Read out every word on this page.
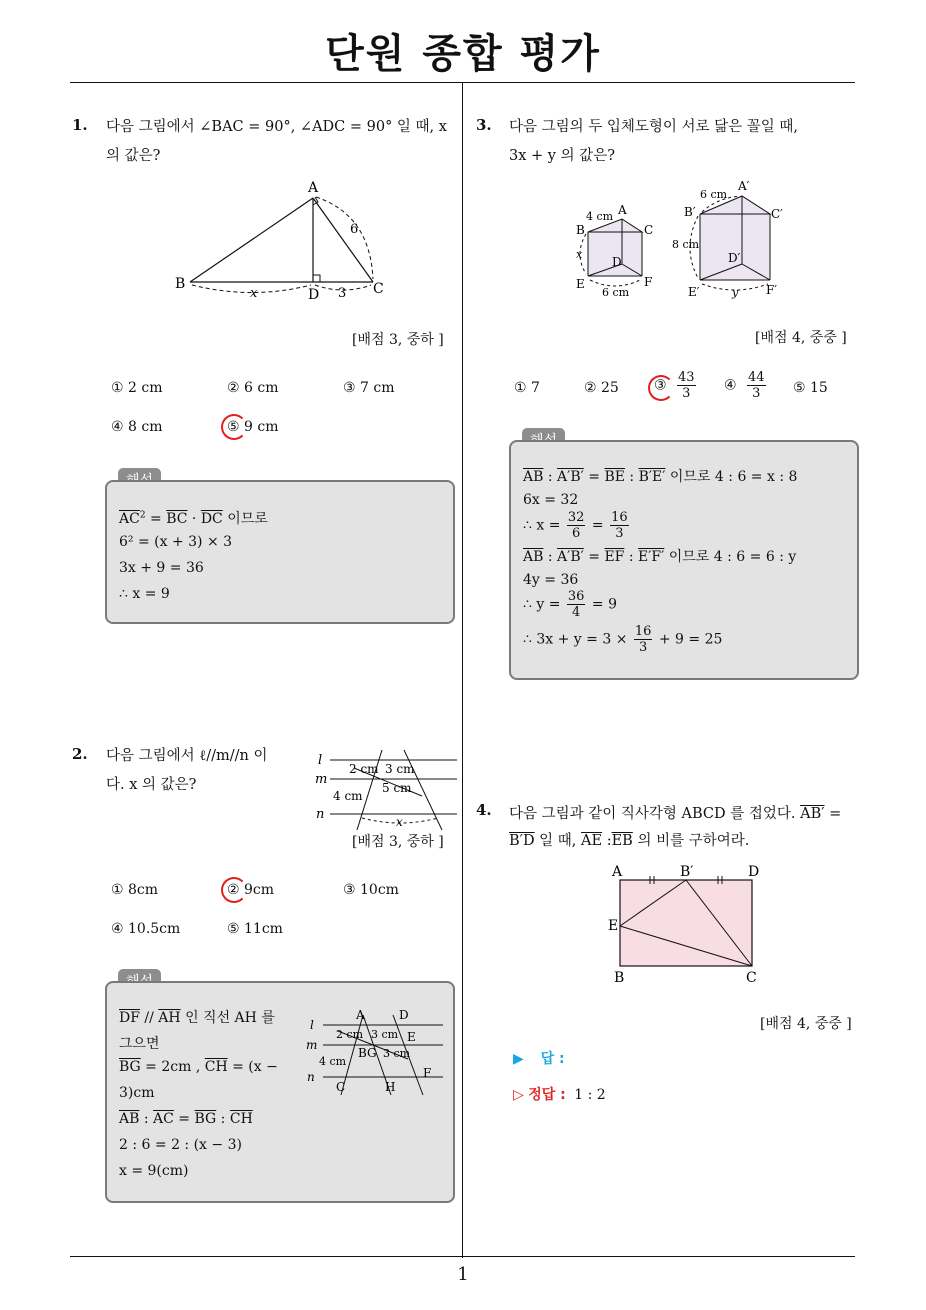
단원 종합 평가
1
1. 다음 그림에서 ∠BAC = 90°, ∠ADC = 90° 일 때, x
의 값은?
A
B	C
D
6
x	3
[배점 3, 중하 ]
① 2 cm	② 6 cm	③ 7 cm
④ 8 cm	⑤ 9 cm
$\overline{AC}^2 = \overline{BC} \cdot \overline{DC}$ 이므로
6² = (x + 3) × 3
3x + 9 = 36
∴ x = 9
2. 다음 그림에서 ℓ//m//n 이
다. x 의 값은?
l
m
n
2 cm 3 cm
5 cm
4 cm
x
[배점 3, 중하 ]
① 8cm	② 9cm	③ 10cm
④ 10.5cm	⑤ 11cm
$\overline{DF} // \overline{AH}$ 인 직선 AH 를
그으면
$\overline{BG} = 2cm$ , $\overline{CH} = (x$ −
3)cm
$\overline{AB}$ : $\overline{AC} = \overline{BG}$ : $\overline{CH}$
2 : 6 = 2 : (x − 3)
x = 9(cm)
l
m
n
A	D
E
BG
F
C	H
2 cm 3 cm
3 cm
4 cm
3. 다음 그림의 두 입체도형이 서로 닮은 꼴일 때,
3x + y 의 값은?
A
B	C
D
E	F
4 cm
x
6 cm
A′
B′	C′
D′
E′	F′
6 cm
8 cm
y
[배점 4, 중중 ]
① 7	② 25	③ $\frac{43}{3}$ ④ $\frac{44}{3}$ ⑤ 15
$\overline{AB}$ : $A'B' = \overline{BE}$ : B′E′ 이므로 4 : 6 = x : 8
6x = 32
∴ $x = \frac{32}{6} = \frac{16}{3}$
$\overline{AB}$ : $A'B' = \overline{EF}$ : E′F′ 이므로 4 : 6 = 6 : y
4y = 36
∴ $y = \frac{36}{4} = 9$
∴ $3x + y = 3 \times \frac{16}{3} + 9 = 25$
4. 다음 그림과 같이 직사각형 ABCD 를 접었다. AB′ =
B′D 일 때, $\overline{AE}$ $:\overline{EB}$ 의 비를 구하여라.
A	B′	D
E
B	C
[배점 4, 중중 ]
▶ 답 :
▷ 정답 : 1 : 2
